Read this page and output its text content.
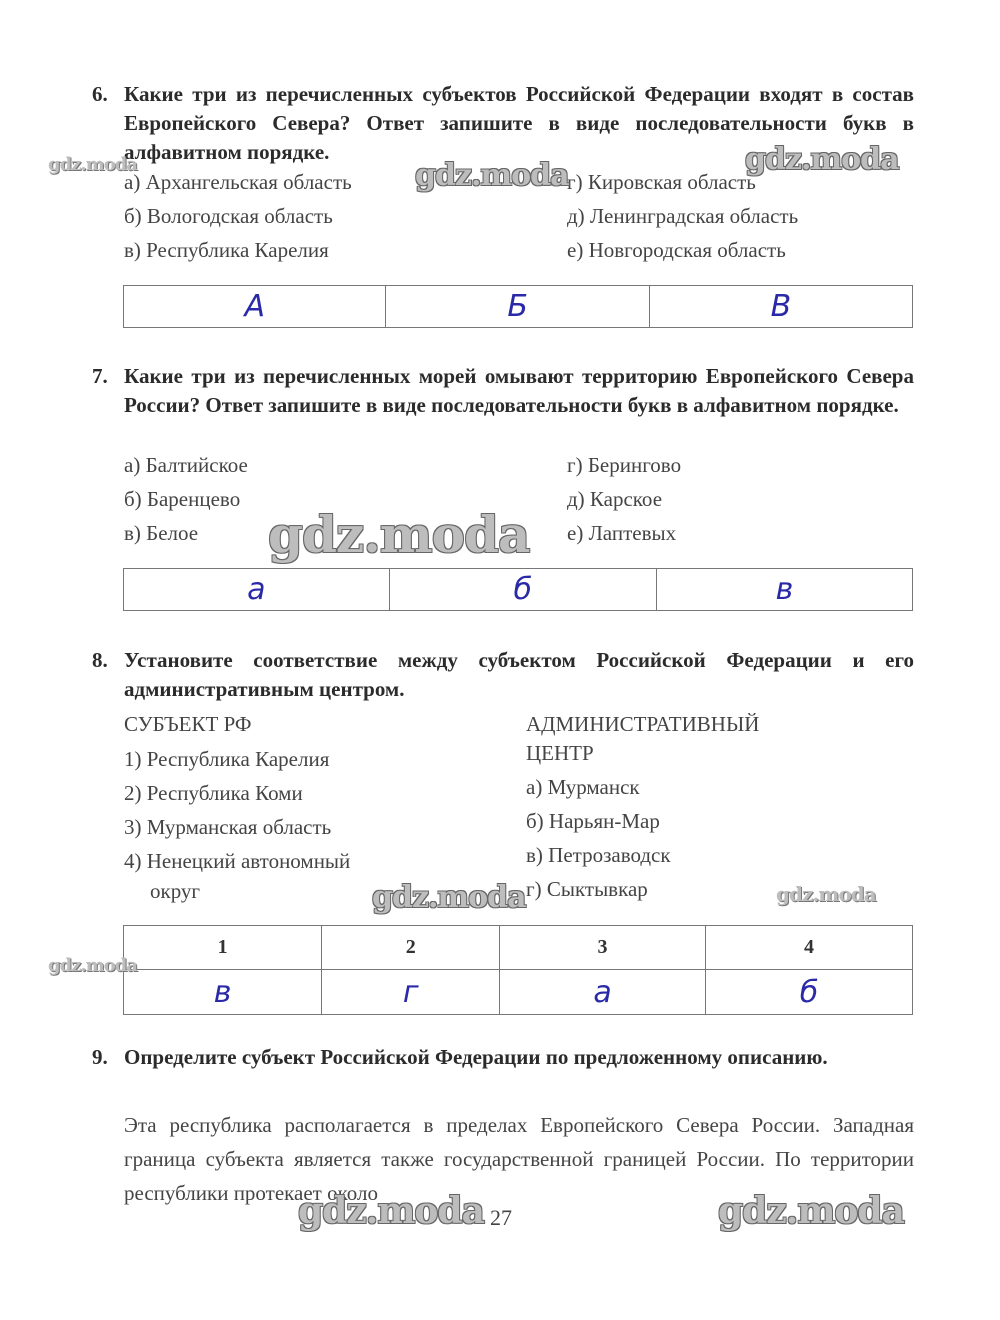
6. Какие три из перечисленных субъектов Российской Федерации входят в состав Европейского Севера? Ответ запишите в виде последовательности букв в алфавитном порядке.
а) Архангельская область
б) Вологодская область
в) Республика Карелия
г) Кировская область
д) Ленинградская область
е) Новгородская область
А	Б	В
7. Какие три из перечисленных морей омывают территорию Европейского Севера России? Ответ запишите в виде последовательности букв в алфавитном порядке.
а) Балтийское
б) Баренцево
в) Белое
г) Берингово
д) Карское
е) Лаптевых
а	б	в
8. Установите соответствие между субъектом Российской Федерации и его административным центром.
СУБЪЕКТ РФ
1) Республика Карелия
2) Республика Коми
3) Мурманская область
4) Ненецкий автономный
округ
АДМИНИСТРАТИВНЫЙ
ЦЕНТР
а) Мурманск
б) Нарьян-Мар
в) Петрозаводск
г) Сыктывкар
1	2	3	4
в	г	а	б
9. Определите субъект Российской Федерации по предложенному описанию.
Эта республика располагается в пределах Европейского Севера России. Западная граница субъекта является также государственной границей России. По территории республики протекает около
27
gdz.moda	gdz.moda	gdz.moda
gdz.moda
gdz.moda	gdz.moda
gdz.moda
gdz.moda	gdz.moda
